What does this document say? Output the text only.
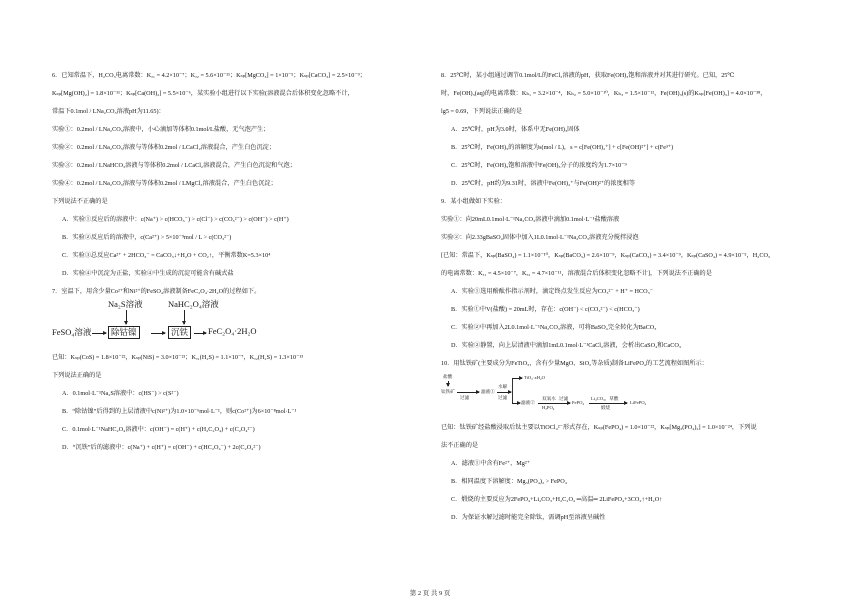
6．已知常温下，H₂CO₃电离常数：Kₐ₁ = 4.2×10⁻⁷；Kₐ₂ = 5.6×10⁻¹¹；Kₛₚ[MgCO₃] = 1×10⁻⁵；Kₛₚ[CaCO₃] = 2.5×10⁻⁹；
Kₛₚ[Mg(OH)₂] = 1.8×10⁻¹¹；Kₛₚ[Ca(OH)₂] = 5.5×10⁻⁶，某实验小组进行以下实验(溶液混合后体积变化忽略不计，
常温下0.1mol / LNa₂CO₃溶液pH为11.65)：
实验①：0.2mol / LNa₂CO₃溶液中，小心滴加等体积0.1mol/L盐酸，无气泡产生；
实验②：0.2mol / LNa₂CO₃溶液与等体积0.2mol / LCaCl₂溶液混合，产生白色沉淀；
实验③：0.2mol / LNaHCO₃溶液与等体积0.2mol / LCaCl₂溶液混合，产生白色沉淀和气泡；
实验④：0.2mol / LNa₂CO₃溶液与等体积0.2mol / LMgCl₂溶液混合，产生白色沉淀；
下列说法不正确的是
A．实验①反应后的溶液中：c(Na⁺) > c(HCO₃⁻) > c(Cl⁻) > c(CO₃²⁻) > c(OH⁻) > c(H⁺)
B．实验②反应后的溶液中，c(Ca²⁺) > 5×10⁻⁹mol / L > c(CO₃²⁻)
C．实验③总反应Ca²⁺ + 2HCO₃⁻ = CaCO₃↓+H₂O + CO₂↑，平衡常数K=5.3×10⁴
D．实验④中沉淀为正盐，实验④中生成的沉淀可能含有碱式盐
7．室温下，用含少量Co²⁺和Ni²⁺的FeSO₄溶液制备FeC₂O₄·2H₂O的过程如下。
Na₂S溶液	NaHC₂O₄溶液
FeSO₄溶液	除钴镍	沉铁	FeC₂O₄·2H₂O
已知：Kₛₚ(CoS) = 1.8×10⁻²²，Kₛₚ(NiS) = 3.0×10⁻²¹；Kₐ₁(H₂S) = 1.1×10⁻⁷，Kₐ₂(H₂S) = 1.3×10⁻¹³
下列说法正确的是
A．0.1mol·L⁻¹Na₂S溶液中：c(HS⁻) > c(S²⁻)
B．“除钴镍”后得到的上层清液中c(Ni²⁺)为1.0×10⁻⁶mol·L⁻¹，则c(Co²⁺)为6×10⁻⁸mol·L⁻¹
C．0.1mol·L⁻¹NaHC₂O₄溶液中：c(OH⁻) = c(H⁺) + c(H₂C₂O₄) + c(C₂O₄²⁻)
D．“沉铁”后的滤液中：c(Na⁺) + c(H⁺) = c(OH⁻) + c(HC₂O₄⁻) + 2c(C₂O₄²⁻)
8．25℃时，某小组通过调节0.1mol/L的FeCl₃溶液的pH，获取Fe(OH)₃饱和溶液并对其进行研究。已知，25℃
时，Fe(OH)₃(aq)的电离常数：Kₕ₁ = 3.2×10⁻⁴，Kₕ₂ = 5.0×10⁻¹⁰，Kₕ₃ = 1.5×10⁻¹²，Fe(OH)₃(s)的Kₛₚ[Fe(OH)₃] = 4.0×10⁻³⁸，
lg5 = 0.69，下列说法正确的是
A．25℃时，pH为3.0时，体系中无Fe(OH)₃固体
B．25℃时，Fe(OH)₃的溶解度为s(mol / L)，s = c[Fe(OH)₂⁺] + c[Fe(OH)²⁺] + c(Fe³⁺)
C．25℃时，Fe(OH)₃饱和溶液中Fe(OH)₃分子的浓度约为1.7×10⁻⁹
D．25℃时，pH约为9.31时，溶液中Fe(OH)₂⁺与Fe(OH)²⁺的浓度相等
9．某小组做如下实验：
实验①：向20mL0.1mol·L⁻¹Na₂CO₃溶液中滴加0.1mol·L⁻¹盐酸溶液
实验②：向2.33gBaSO₄固体中加入1L0.1mol·L⁻¹Na₂CO₃溶液充分搅拌浸泡
[已知：常温下，Kₛₚ(BaSO₄) = 1.1×10⁻¹⁰，Kₛₚ(BaCO₃) = 2.6×10⁻⁹，Kₛₚ(CaCO₃) = 3.4×10⁻⁹，Kₛₚ(CaSO₄) = 4.9×10⁻⁵，H₂CO₃
的电离常数：Kₐ₁ = 4.5×10⁻⁷，Kₐ₂ = 4.7×10⁻¹¹，溶液混合后体积变化忽略不计]，下列说法不正确的是
A．实验①选用酚酞作指示剂时，滴定终点发生反应为CO₃²⁻ + H⁺ = HCO₃⁻
B．实验①中V(盐酸) = 20mL时，存在：c(OH⁻) < c(CO₃²⁻) < c(HCO₃⁻)
C．实验②中再加入2L0.1mol·L⁻¹Na₂CO₃溶液，可将BaSO₄完全转化为BaCO₃
D．实验②静置，向上层清液中滴加1mL0.1mol·L⁻¹CaCl₂溶液，会析出CaSO₄和CaCO₃
10．用钛铁矿(主要成分为FeTiO₃，含有少量MgO、SiO₂等杂质)制备LiFePO₄的工艺流程如图所示：
盐酸
钛铁矿
过滤
滤液①
水解
过滤
TiO₂·xH₂O
滤液②
双氧水
H₃PO₄
过滤
FePO₄
Li₂CO₃、草酸
煅烧
LiFePO₄
已知：钛铁矿经盐酸浸取后钛主要以TiOCl₄²⁻形式存在，Kₛₚ(FePO₄) = 1.0×10⁻²²，Kₛₚ[Mg₃(PO₄)₂] = 1.0×10⁻²⁴，下列说
法不正确的是
A．滤液①中含有Fe²⁺、Mg²⁺
B．相同温度下溶解度：Mg₃(PO₄)₂ > FePO₄
C．煅烧的主要反应为2FePO₄+Li₂CO₃+H₂C₂O₄ ═高温═ 2LiFePO₄+3CO₂↑+H₂O↑
D．为保证水解过滤时能完全除钛，需调pH至溶液呈碱性
第 2 页 共 9 页
